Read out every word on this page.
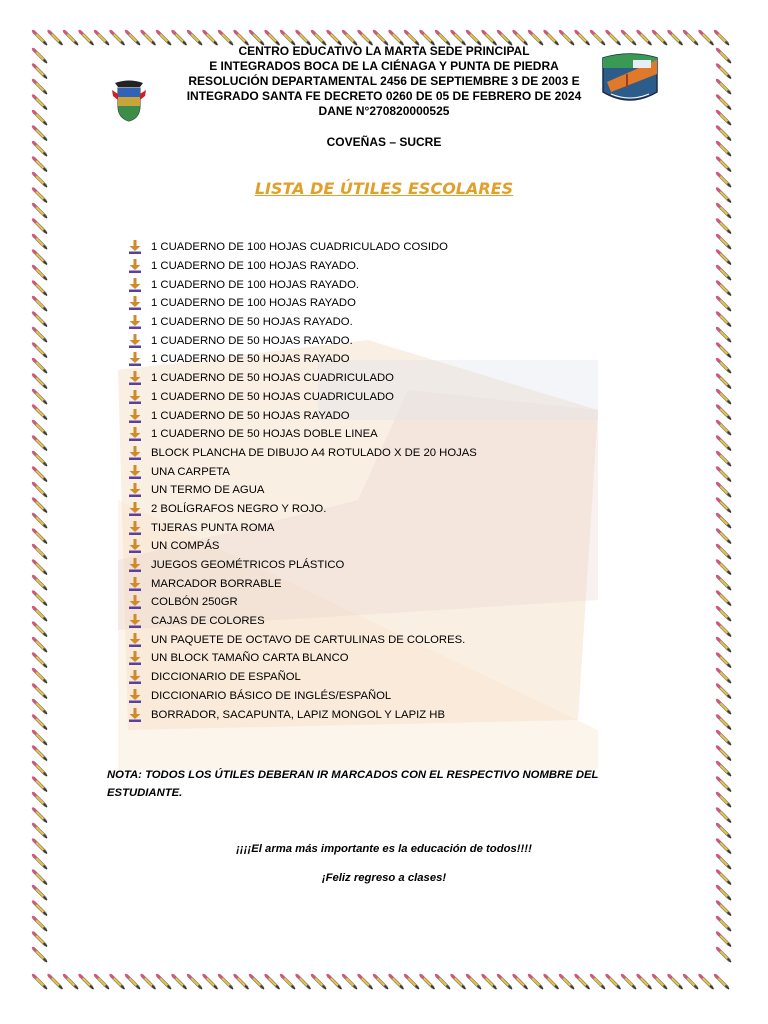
CENTRO EDUCATIVO LA MARTA SEDE PRINCIPAL
E INTEGRADOS BOCA DE LA CIÉNAGA Y PUNTA DE PIEDRA
RESOLUCIÓN DEPARTAMENTAL 2456 DE SEPTIEMBRE 3 DE 2003 E
INTEGRADO SANTA FE DECRETO 0260 DE 05 DE FEBRERO DE 2024
DANE N°270820000525
COVEÑAS – SUCRE
LISTA DE ÚTILES ESCOLARES
1 CUADERNO DE 100 HOJAS CUADRICULADO COSIDO
1 CUADERNO DE 100 HOJAS RAYADO.
1 CUADERNO DE 100 HOJAS RAYADO.
1 CUADERNO DE 100 HOJAS RAYADO
1 CUADERNO DE 50 HOJAS RAYADO.
1 CUADERNO DE 50 HOJAS RAYADO.
1 CUADERNO DE 50 HOJAS RAYADO
1 CUADERNO DE 50 HOJAS CUADRICULADO
1 CUADERNO DE 50 HOJAS CUADRICULADO
1 CUADERNO DE 50 HOJAS RAYADO
1 CUADERNO DE 50 HOJAS DOBLE LINEA
BLOCK PLANCHA DE DIBUJO A4 ROTULADO X DE 20 HOJAS
UNA CARPETA
UN TERMO DE AGUA
2 BOLÍGRAFOS NEGRO Y ROJO.
TIJERAS PUNTA ROMA
UN COMPÁS
JUEGOS GEOMÉTRICOS PLÁSTICO
MARCADOR BORRABLE
COLBÓN 250GR
CAJAS DE COLORES
UN PAQUETE DE OCTAVO DE CARTULINAS DE COLORES.
UN BLOCK TAMAÑO CARTA BLANCO
DICCIONARIO DE ESPAÑOL
DICCIONARIO BÁSICO DE INGLÉS/ESPAÑOL
BORRADOR, SACAPUNTA, LAPIZ MONGOL Y LAPIZ HB
NOTA: TODOS LOS ÚTILES DEBERAN IR MARCADOS CON EL RESPECTIVO NOMBRE DEL ESTUDIANTE.
¡¡¡¡El arma más importante es la educación de todos!!!!
¡Feliz regreso a clases!
